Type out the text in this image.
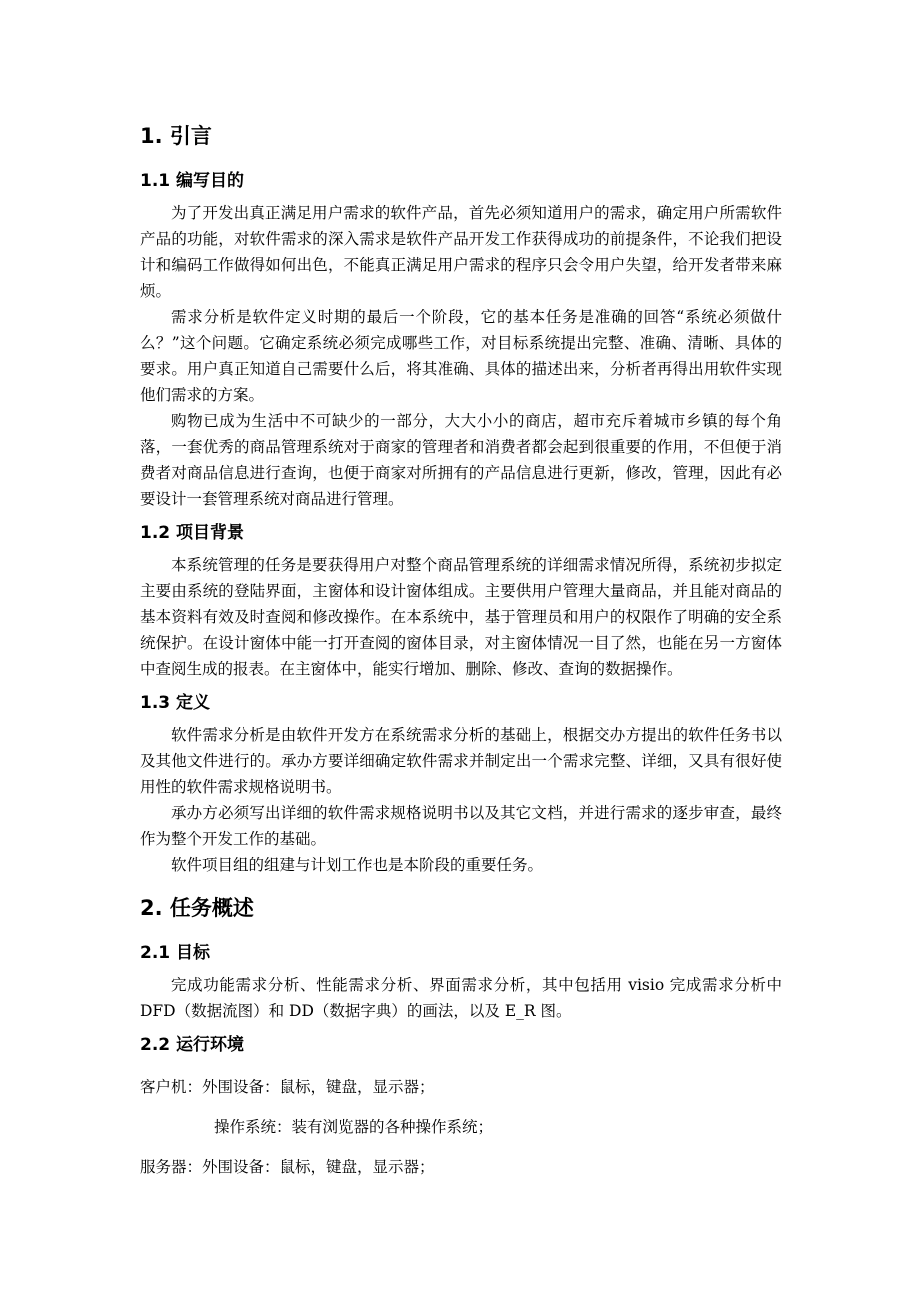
1. 引言
1.1 编写目的

为了开发出真正满足用户需求的软件产品，首先必须知道用户的需求，确定用户所需软件产品的功能，对软件需求的深入需求是软件产品开发工作获得成功的前提条件，不论我们把设计和编码工作做得如何出色，不能真正满足用户需求的程序只会令用户失望，给开发者带来麻烦。

需求分析是软件定义时期的最后一个阶段，它的基本任务是准确的回答“系统必须做什么？”这个问题。它确定系统必须完成哪些工作，对目标系统提出完整、准确、清晰、具体的要求。用户真正知道自己需要什么后，将其准确、具体的描述出来，分析者再得出用软件实现他们需求的方案。

购物已成为生活中不可缺少的一部分，大大小小的商店，超市充斥着城市乡镇的每个角落，一套优秀的商品管理系统对于商家的管理者和消费者都会起到很重要的作用，不但便于消费者对商品信息进行查询，也便于商家对所拥有的产品信息进行更新，修改，管理，因此有必要设计一套管理系统对商品进行管理。

1.2 项目背景

本系统管理的任务是要获得用户对整个商品管理系统的详细需求情况所得，系统初步拟定主要由系统的登陆界面，主窗体和设计窗体组成。主要供用户管理大量商品，并且能对商品的基本资料有效及时查阅和修改操作。在本系统中，基于管理员和用户的权限作了明确的安全系统保护。在设计窗体中能一打开查阅的窗体目录，对主窗体情况一目了然，也能在另一方窗体中查阅生成的报表。在主窗体中，能实行增加、删除、修改、查询的数据操作。

1.3 定义

软件需求分析是由软件开发方在系统需求分析的基础上，根据交办方提出的软件任务书以及其他文件进行的。承办方要详细确定软件需求并制定出一个需求完整、详细，又具有很好使用性的软件需求规格说明书。

承办方必须写出详细的软件需求规格说明书以及其它文档，并进行需求的逐步审查，最终作为整个开发工作的基础。

软件项目组的组建与计划工作也是本阶段的重要任务。

2. 任务概述
2.1 目标

完成功能需求分析、性能需求分析、界面需求分析，其中包括用 visio 完成需求分析中 DFD（数据流图）和 DD（数据字典）的画法，以及 E_R 图。

2.2 运行环境
客户机：外围设备：鼠标，键盘，显示器；
操作系统：装有浏览器的各种操作系统；
服务器：外围设备：鼠标，键盘，显示器；
